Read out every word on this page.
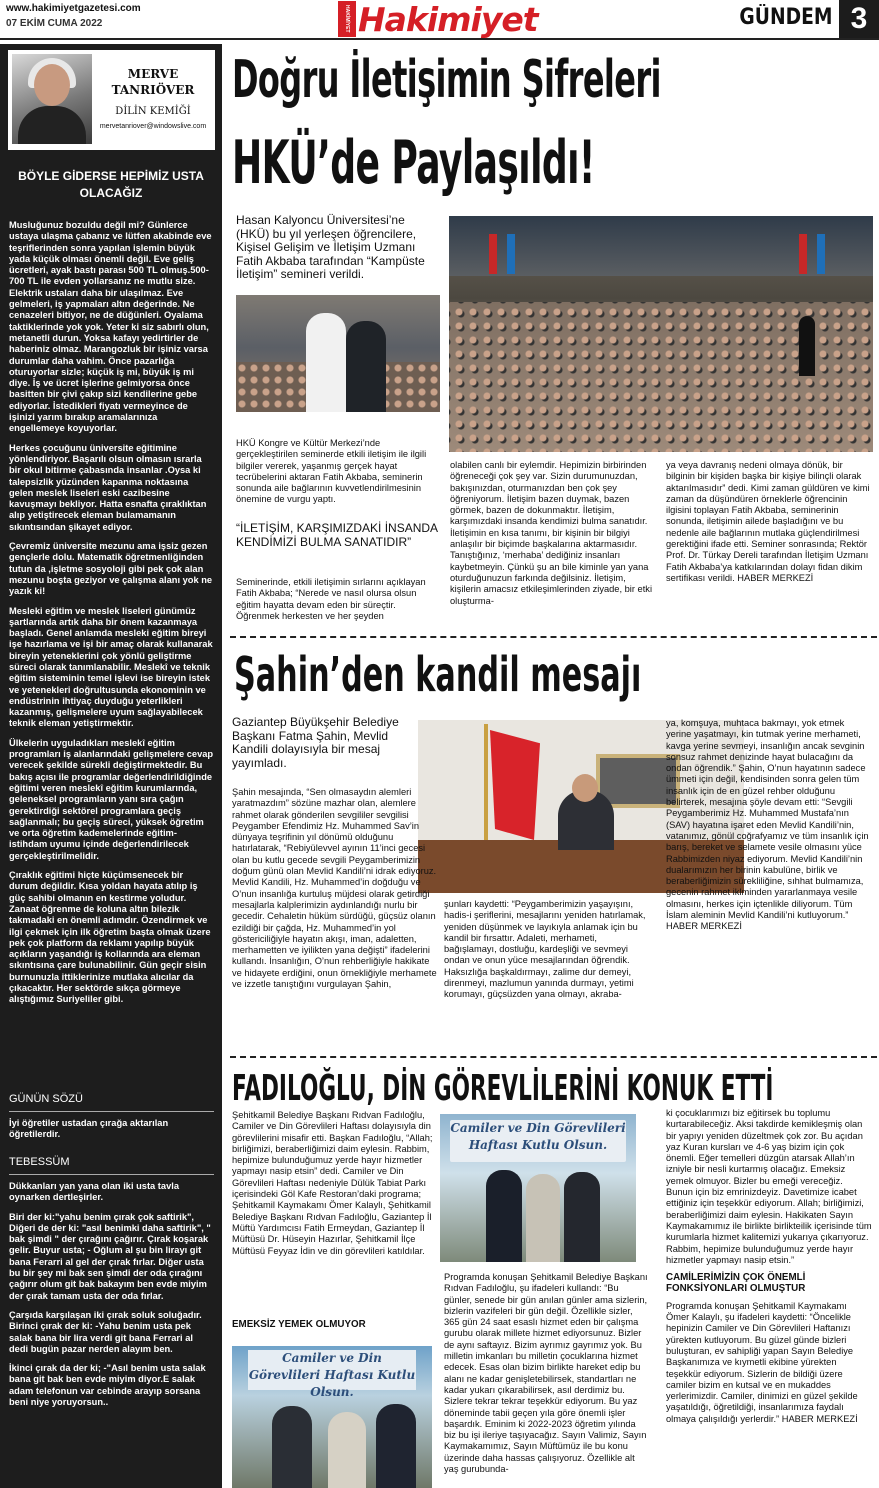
www.hakimiyetgazetesi.com
07 EKİM CUMA 2022	HAKİMİYET Hakimiyet	GÜNDEM 3
MERVE TANRIÖVER
DİLİN KEMİĞİ
mervetanriover@windowslive.com
BÖYLE GİDERSE HEPİMİZ USTA OLACAĞIZ

Musluğunuz bozuldu değil mi? Günlerce ustaya ulaşma çabanız ve lütfen akabinde eve teşriflerinden sonra yapılan işlemin büyük yada küçük olması önemli değil. Eve geliş ücretleri, ayak bastı parası 500 TL olmuş.500-700 TL ile evden yollarsanız ne mutlu size. Elektrik ustaları daha bir ulaşılmaz. Eve gelmeleri, iş yapmaları altın değerinde. Ne cenazeleri bitiyor, ne de düğünleri. Oyalama taktiklerinde yok yok. Yeter ki siz sabırlı olun, metanetli durun. Yoksa kafayı yedirtirler de haberiniz olmaz. Marangozluk bir işiniz varsa durumlar daha vahim. Önce pazarlığa oturuyorlar sizle; küçük iş mi, büyük iş mi diye. İş ve ücret işlerine gelmiyorsa önce basitten bir çivi çakıp sizi kendilerine gebe ediyorlar. İstedikleri fiyatı vermeyince de işinizi yarım bırakıp aramalarınıza engellemeye koyuyorlar.

Herkes çocuğunu üniversite eğitimine yönlendiriyor. Başarılı olsun olmasın ısrarla bir okul bitirme çabasında insanlar .Oysa ki talepsizlik yüzünden kapanma noktasına gelen meslek liseleri eski cazibesine kavuşmayı bekliyor. Hatta esnafta çıraklıktan alıp yetiştirecek eleman bulamamanın sıkıntısından şikayet ediyor.

Çevremiz üniversite mezunu ama işsiz gezen gençlerle dolu. Matematik öğretmenliğinden tutun da ,işletme sosyoloji gibi pek çok alan mezunu boşta geziyor ve çalışma alanı yok ne yazık ki!

Mesleki eğitim ve meslek liseleri günümüz şartlarında artık daha bir önem kazanmaya başladı. Genel anlamda mesleki eğitim bireyi işe hazırlama ve işi bir amaç olarak kullanarak bireyin yeteneklerini çok yönlü geliştirme süreci olarak tanımlanabilir. Meslekî ve teknik eğitim sisteminin temel işlevi ise bireyin istek ve yetenekleri doğrultusunda ekonominin ve endüstrinin ihtiyaç duyduğu yeterlikleri kazanmış, gelişmelere uyum sağlayabilecek teknik eleman yetiştirmektir.

Ülkelerin uyguladıkları meslekî eğitim programları iş alanlarındaki gelişmelere cevap verecek şekilde sürekli değiştirmektedir. Bu bakış açısı ile programlar değerlendirildiğinde eğitimi veren meslekî eğitim kurumlarında, geleneksel programların yanı sıra çağın gerektirdiği sektörel programlara geçiş sağlanmalı; bu geçiş süreci, yüksek öğretim ve orta öğretim kademelerinde eğitim-istihdam uyumu içinde değerlendirilecek gerçekleştirilmelidir.

Çıraklık eğitimi hiçte küçümsenecek bir durum değildir. Kısa yoldan hayata atılıp iş güç sahibi olmanın en kestirme yoludur. Zanaat öğrenme de koluna altın bilezik takmadaki en önemli adımdır. Özendirmek ve ilgi çekmek için ilk öğretim başta olmak üzere pek çok platform da reklamı yapılıp büyük açıkların yaşandığı iş kollarında ara eleman sıkıntısına çare bulunabilinir. Gün geçir sisin burnunuzla ittiklerinize mutlaka alıcılar da çıkacaktır. Her sektörde sıkça görmeye alıştığımız Suriyeliler gibi.

GÜNÜN SÖZÜ
İyi öğretiler ustadan çırağa aktarılan öğretilerdir.
TEBESSÜM

Dükkanları yan yana olan iki usta tavla oynarken dertleşirler.

Biri der ki:"yahu benim çırak çok saftirik", Diğeri de der ki: "asıl benimki daha saftirik", " bak şimdi " der çırağını çağırır. Çırak koşarak gelir. Buyur usta; - Oğlum al şu bin lirayı git bana Ferarri al gel der çırak fırlar. Diğer usta bu bir şey mi bak sen şimdi der oda çırağını çağırır olum git bak bakayım ben evde miyim der çırak tamam usta der oda fırlar.

Çarşıda karşılaşan iki çırak soluk soluğadır. Birinci çırak der ki: -Yahu benim usta pek salak bana bir lira verdi git bana Ferrari al dedi bugün pazar nerden alayım ben.

İkinci çırak da der ki; -"Asıl benim usta salak bana git bak ben evde miyim diyor.E salak adam telefonun var cebinde arayıp sorsana beni niye yoruyorsun..

Doğru İletişimin Şifreleri
HKÜ’de Paylaşıldı!
Hasan Kalyoncu Üniversitesi’ne (HKÜ) bu yıl yerleşen öğrencilere, Kişisel Gelişim ve İletişim Uzmanı Fatih Akbaba tarafından “Kampüste İletişim” semineri verildi.
HKÜ Kongre ve Kültür Merkezi’nde gerçekleştirilen seminerde etkili iletişim ile ilgili bilgiler vererek, yaşanmış gerçek hayat tecrübelerini aktaran Fatih Akbaba, seminerin sonunda aile bağlarının kuvvetlendirilmesinin önemine de vurgu yaptı.
“İLETİŞİM, KARŞIMIZDAKİ İNSANDA KENDİMİZİ BULMA SANATIDIR”
Seminerinde, etkili iletişimin sırlarını açıklayan Fatih Akbaba; “Nerede ve nasıl olursa olsun eğitim hayatta devam eden bir süreçtir. Öğrenmek herkesten ve her şeyden
olabilen canlı bir eylemdir. Hepimizin birbirinden öğreneceği çok şey var. Sizin durumunuzdan, bakışınızdan, oturmanızdan ben çok şey öğreniyorum. İletişim bazen duymak, bazen görmek, bazen de dokunmaktır. İletişim, karşımızdaki insanda kendimizi bulma sanatıdır. İletişimin en kısa tanımı, bir kişinin bir bilgiyi anlaşılır bir biçimde başkalarına aktarmasıdır. Tanıştığınız, ‘merhaba’ dediğiniz insanları kaybetmeyin. Çünkü şu an bile kiminle yan yana oturduğunuzun farkında değilsiniz. İletişim, kişilerin amacsız etkileşimlerinden ziyade, bir etki oluşturma-
ya veya davranış nedeni olmaya dönük, bir bilginin bir kişiden başka bir kişiye bilinçli olarak aktarılmasıdır” dedi. Kimi zaman güldüren ve kimi zaman da düşündüren örneklerle öğrencinin ilgisini toplayan Fatih Akbaba, seminerinin sonunda, iletişimin ailede başladığını ve bu nedenle aile bağlarının mutlaka güçlendirilmesi gerektiğini ifade etti. Seminer sonrasında; Rektör Prof. Dr. Türkay Dereli tarafından İletişim Uzmanı Fatih Akbaba’ya katkılarından dolayı fidan dikim sertifikası verildi. HABER MERKEZİ
Şahin’den kandil mesajı
Gaziantep Büyükşehir Belediye Başkanı Fatma Şahin, Mevlid Kandili dolayısıyla bir mesaj yayımladı.
Şahin mesajında, “Sen olmasaydın alemleri yaratmazdım” sözüne mazhar olan, alemlere rahmet olarak gönderilen sevgililer sevgilisi Peygamber Efendimiz Hz. Muhammed Sav’in dünyaya teşrifinin yıl dönümü olduğunu hatırlatarak, “Rebiyülevvel ayının 11’inci gecesi olan bu kutlu gecede sevgili Peygamberimizin doğum günü olan Mevlid Kandili’ni idrak ediyoruz. Mevlid Kandili, Hz. Muhammed’in doğduğu ve O’nun insanlığa kurtuluş müjdesi olarak getirdiği mesajlarla kalplerimizin aydınlandığı nurlu bir gecedir. Cehaletin hüküm sürdüğü, güçsüz olanın ezildiği bir çağda, Hz. Muhammed’in yol göstericiliğiyle hayatın akışı, iman, adaletten, merhametten ve iyilikten yana değişti” ifadelerini kullandı. İnsanlığın, O’nun rehberliğiyle hakikate ve hidayete erdiğini, onun örnekliğiyle merhamete ve izzetle tanıştığını vurgulayan Şahin,
şunları kaydetti: “Peygamberimizin yaşayışını, hadis-i şeriflerini, mesajlarını yeniden hatırlamak, yeniden düşünmek ve layıkıyla anlamak için bu kandil bir fırsattır. Adaleti, merhameti, bağışlamayı, dostluğu, kardeşliği ve sevmeyi ondan ve onun yüce mesajlarından öğrendik. Haksızlığa başkaldırmayı, zalime dur demeyi, direnmeyi, mazlumun yanında durmayı, yetimi korumayı, güçsüzden yana olmayı, akraba-
ya, komşuya, muhtaca bakmayı, yok etmek yerine yaşatmayı, kin tutmak yerine merhameti, kavga yerine sevmeyi, insanlığın ancak sevginin sonsuz rahmet denizinde hayat bulacağını da ondan öğrendik.” Şahin, O’nun hayatının sadece ümmeti için değil, kendisinden sonra gelen tüm insanlık için de en güzel rehber olduğunu belirterek, mesajına şöyle devam etti: “Sevgili Peygamberimiz Hz. Muhammed Mustafa’nın (SAV) hayatına işaret eden Mevlid Kandili’nin, vatanımız, gönül coğrafyamız ve tüm insanlık için barış, bereket ve selamete vesile olmasını yüce Rabbimizden niyaz ediyorum. Mevlid Kandili’nin dualarımızın her birinin kabulüne, birlik ve beraberliğimizin sürekliliğine, sıhhat bulmamıza, gecenin rahmet iklminden yararlanmaya vesile olmasını, herkes için içtenlikle diliyorum. Tüm İslam aleminin Mevlid Kandili’ni kutluyorum.” HABER MERKEZİ
FADILOĞLU, DİN GÖREVLİLERİNİ KONUK ETTİ
Şehitkamil Belediye Başkanı Rıdvan Fadıloğlu, Camiler ve Din Görevlileri Haftası dolayısıyla din görevlilerini misafir etti. Başkan Fadıloğlu, “Allah; birliğimizi, beraberliğimizi daim eylesin. Rabbim, hepimize bulunduğumuz yerde hayır hizmetler yapmayı nasip etsin” dedi. Camiler ve Din Görevlileri Haftası nedeniyle Dülük Tabiat Parkı içerisindeki Göl Kafe Restoran’daki programa; Şehitkamil Kaymakamı Ömer Kalaylı, Şehitkamil Belediye Başkanı Rıdvan Fadıloğlu, Gaziantep İl Müftü Yardımcısı Fatih Ermeydan, Gaziantep İl Müftüsü Dr. Hüseyin Hazırlar, Şehitkamil İlçe Müftüsü Feyyaz İdin ve din görevlileri katıldılar.
EMEKSİZ YEMEK OLMUYOR
Camiler ve Din Görevlileri Haftası Kutlu Olsun.
Camiler ve Din Görevlileri Haftası Kutlu Olsun.
Programda konuşan Şehitkamil Belediye Başkanı Rıdvan Fadıloğlu, şu ifadeleri kullandı: “Bu günler, senede bir gün anılan günler ama sizlerin, bizlerin vazifeleri bir gün değil. Özellikle sizler, 365 gün 24 saat esaslı hizmet eden bir çalışma gurubu olarak millete hizmet ediyorsunuz. Bizler de aynı saftayız. Bizim ayrımız gayrımız yok. Bu milletin imkanları bu milletin çocuklarına hizmet edecek. Esas olan bizim birlikte hareket edip bu alanı ne kadar genişletebilirsek, standartları ne kadar yukarı çıkarabilirsek, asıl derdimiz bu. Sizlere tekrar tekrar teşekkür ediyorum. Bu yaz döneminde tabii geçen yıla göre önemli işler başardık. Eminim ki 2022-2023 öğretim yılında biz bu işi ileriye taşıyacağız. Sayın Valimiz, Sayın Kaymakamımız, Sayın Müftümüz ile bu konu üzerinde daha hassas çalışıyoruz. Özellikle alt yaş gurubunda-

ki çocuklarımızı biz eğitirsek bu toplumu kurtarabileceğiz. Aksi takdirde kemikleşmiş olan bir yapıyı yeniden düzeltmek çok zor. Bu açıdan yaz Kuran kursları ve 4-6 yaş bizim için çok önemli. Eğer temelleri düzgün atarsak Allah’ın izniyle bir nesli kurtarmış olacağız. Emeksiz yemek olmuyor. Bizler bu emeği vereceğiz. Bunun için biz emrinizdeyiz. Davetimize icabet ettiğiniz için teşekkür ediyorum. Allah; birliğimizi, beraberliğimizi daim eylesin. Hakikaten Sayın Kaymakamımız ile birlikte birlikteilik içerisinde tüm kurumlarla hizmet kalitemizi yukarıya çıkarıyoruz. Rabbim, hepimize bulunduğumuz yerde hayır hizmetler yapmayı nasip etsin.”

CAMİLERİMİZİN ÇOK ÖNEMLİ FONKSİYONLARI OLMUŞTUR

Programda konuşan Şehitkamil Kaymakamı Ömer Kalaylı, şu ifadeleri kaydetti: “Öncelikle hepinizin Camiler ve Din Görevlileri Haftanızı yürekten kutluyorum. Bu güzel günde bizleri buluşturan, ev sahipliği yapan Sayın Belediye Başkanımıza ve kıymetli ekibine yürekten teşekkür ediyorum. Sizlerin de bildiği üzere camiler bizim en kutsal ve en mukaddes yerlerimizdir. Camiler, dinimizi en güzel şekilde yaşatıldığı, öğretildiği, insanlarımıza faydalı olmaya çalışıldığı yerlerdir.” HABER MERKEZİ
